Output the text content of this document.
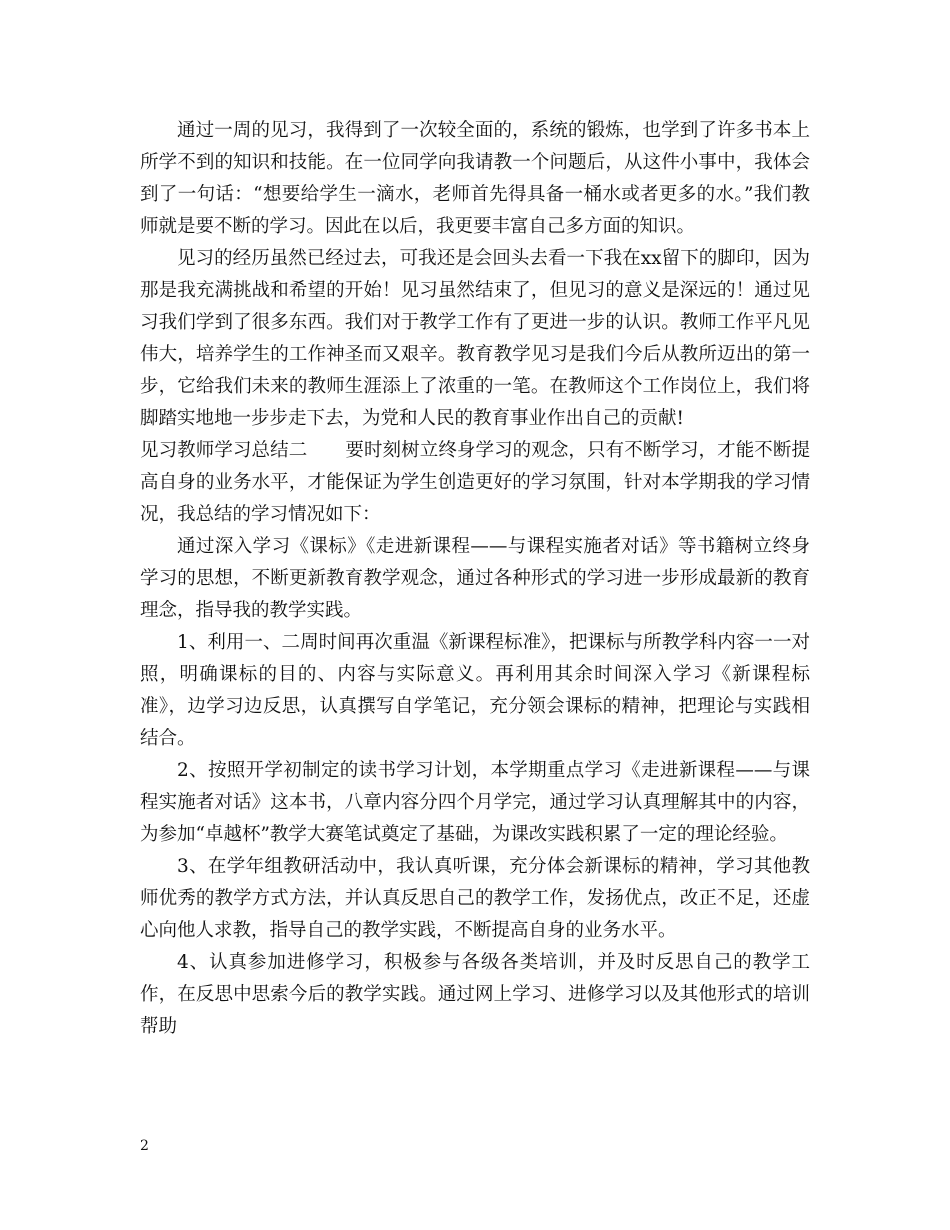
通过一周的见习，我得到了一次较全面的，系统的锻炼，也学到了许多书本上所学不到的知识和技能。在一位同学向我请教一个问题后，从这件小事中，我体会到了一句话：“想要给学生一滴水，老师首先得具备一桶水或者更多的水。”我们教师就是要不断的学习。因此在以后，我更要丰富自己多方面的知识。

见习的经历虽然已经过去，可我还是会回头去看一下我在xx留下的脚印，因为那是我充满挑战和希望的开始！见习虽然结束了，但见习的意义是深远的！通过见习我们学到了很多东西。我们对于教学工作有了更进一步的认识。教师工作平凡见伟大，培养学生的工作神圣而又艰辛。教育教学见习是我们今后从教所迈出的第一步，它给我们未来的教师生涯添上了浓重的一笔。在教师这个工作岗位上，我们将脚踏实地地一步步走下去，为党和人民的教育事业作出自己的贡献!

见习教师学习总结二 要时刻树立终身学习的观念，只有不断学习，才能不断提高自身的业务水平，才能保证为学生创造更好的学习氛围，针对本学期我的学习情况，我总结的学习情况如下：

通过深入学习《课标》《走进新课程——与课程实施者对话》等书籍树立终身学习的思想，不断更新教育教学观念，通过各种形式的学习进一步形成最新的教育理念，指导我的教学实践。

1、利用一、二周时间再次重温《新课程标准》，把课标与所教学科内容一一对照，明确课标的目的、内容与实际意义。再利用其余时间深入学习《新课程标准》，边学习边反思，认真撰写自学笔记，充分领会课标的精神，把理论与实践相结合。

2、按照开学初制定的读书学习计划，本学期重点学习《走进新课程——与课程实施者对话》这本书，八章内容分四个月学完，通过学习认真理解其中的内容，为参加“卓越杯”教学大赛笔试奠定了基础，为课改实践积累了一定的理论经验。

3、在学年组教研活动中，我认真听课，充分体会新课标的精神，学习其他教师优秀的教学方式方法，并认真反思自己的教学工作，发扬优点，改正不足，还虚心向他人求教，指导自己的教学实践，不断提高自身的业务水平。

4、认真参加进修学习，积极参与各级各类培训，并及时反思自己的教学工作，在反思中思索今后的教学实践。通过网上学习、进修学习以及其他形式的培训帮助

2
